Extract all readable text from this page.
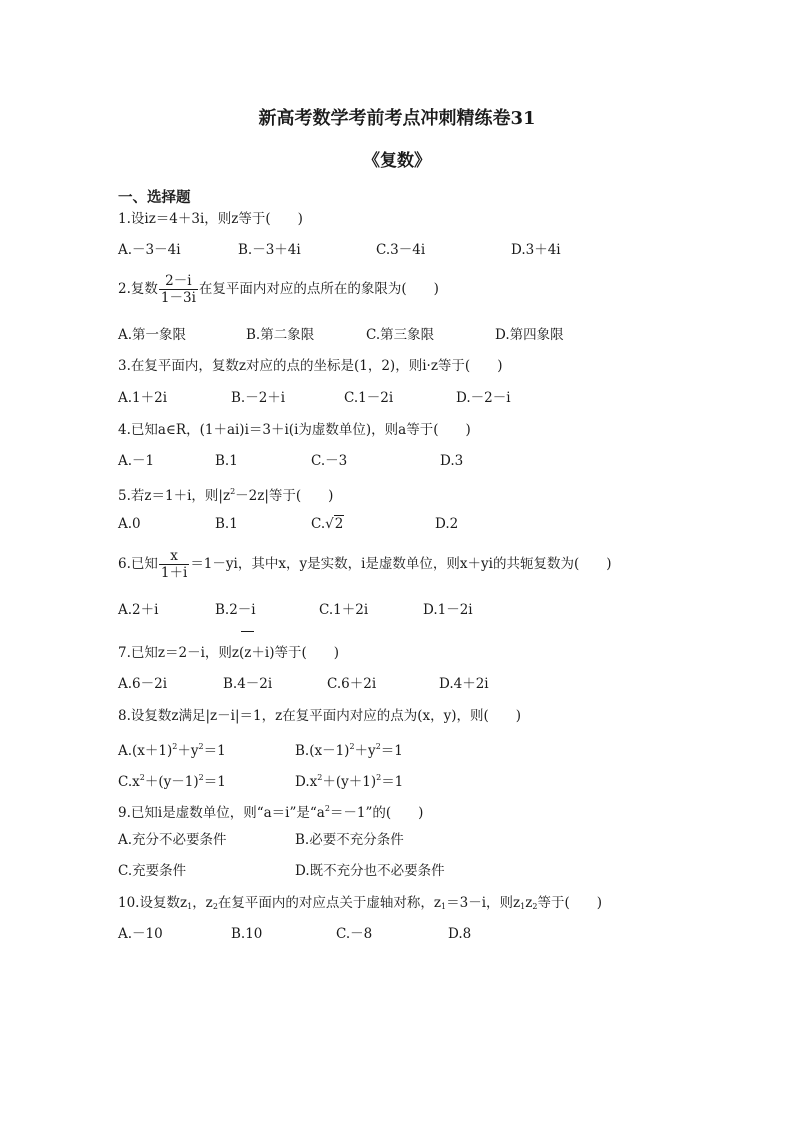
新高考数学考前考点冲刺精练卷31
《复数》
一、选择题
1.设iz＝4＋3i，则z等于(　　)
A.－3－4i	B.－3＋4i	C.3－4i	D.3＋4i
2.复数 $\frac{2-i}{1-3i}$ 在复平面内对应的点所在的象限为(　　)
A.第一象限	B.第二象限	C.第三象限	D.第四象限
3.在复平面内，复数z对应的点的坐标是(1，2)，则i·z等于(　　)
A.1＋2i	B.－2＋i	C.1－2i	D.－2－i
4.已知a∈R，(1＋ai)i＝3＋i(i为虚数单位)，则a等于(　　)
A.－1	B.1	C.－3	D.3
5.若z＝1＋i，则$|z^2-2z|$等于(　　)
A.0	B.1	C.√2	D.2
6.已知 $\frac{x}{1+i} =1-yi$，其中x，y是实数，i是虚数单位，则x＋yi的共轭复数为(　　)
A.2＋i	B.2－i	C.1＋2i	D.1－2i
7.已知z＝2－i，则z(
z＋i)等于(　　)
A.6－2i	B.4－2i	C.6＋2i	D.4＋2i
8.设复数z满足|z－i|＝1，z在复平面内对应的点为(x，y)，则(　　)
$A.(x+1)^2+y^2=1$	$B.(x-1)^2+y^2=1$
$C.x^2+(y-1)^2=1$	$D.x^2+(y+1)^2=1$
9.已知i是虚数单位，则“a＝i”是“$a^2=-1$”的(　　)
A.充分不必要条件	B.必要不充分条件
C.充要条件	D.既不充分也不必要条件
10.设复数$z_1$，$z_2$在复平面内的对应点关于虚轴对称，$z_1=3-i$，则$z_1z_2$等于(　　)
A.－10	B.10	C.－8	D.8
